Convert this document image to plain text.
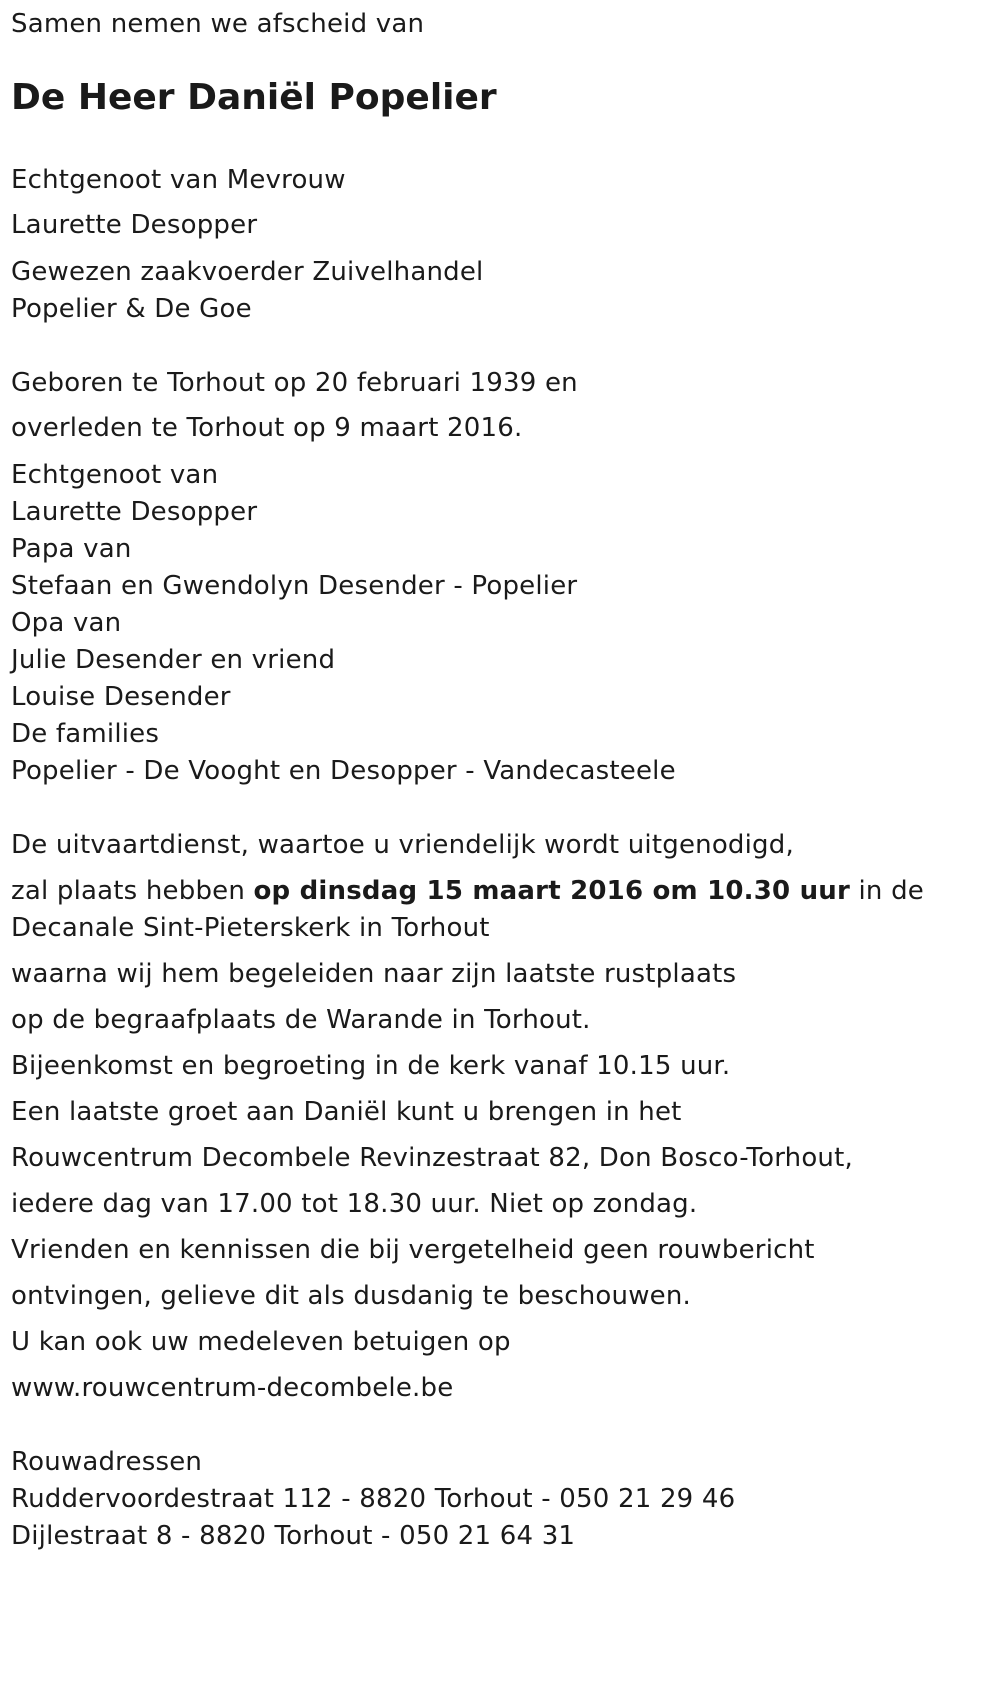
Samen nemen we afscheid van
De Heer Daniël Popelier
Echtgenoot van Mevrouw
Laurette Desopper
Gewezen zaakvoerder Zuivelhandel
Popelier & De Goe
Geboren te Torhout op 20 februari 1939 en
overleden te Torhout op 9 maart 2016.
Echtgenoot van
Laurette Desopper
Papa van
Stefaan en Gwendolyn Desender - Popelier
Opa van
Julie Desender en vriend
Louise Desender
De families
Popelier - De Vooght en Desopper - Vandecasteele
De uitvaartdienst, waartoe u vriendelijk wordt uitgenodigd,
zal plaats hebben op dinsdag 15 maart 2016 om 10.30 uur in de
Decanale Sint-Pieterskerk in Torhout
waarna wij hem begeleiden naar zijn laatste rustplaats
op de begraafplaats de Warande in Torhout.
Bijeenkomst en begroeting in de kerk vanaf 10.15 uur.
Een laatste groet aan Daniël kunt u brengen in het
Rouwcentrum Decombele Revinzestraat 82, Don Bosco-Torhout,
iedere dag van 17.00 tot 18.30 uur. Niet op zondag.
Vrienden en kennissen die bij vergetelheid geen rouwbericht
ontvingen, gelieve dit als dusdanig te beschouwen.
U kan ook uw medeleven betuigen op
www.rouwcentrum-decombele.be
Rouwadressen
Ruddervoordestraat 112 - 8820 Torhout - 050 21 29 46
Dijlestraat 8 - 8820 Torhout - 050 21 64 31
